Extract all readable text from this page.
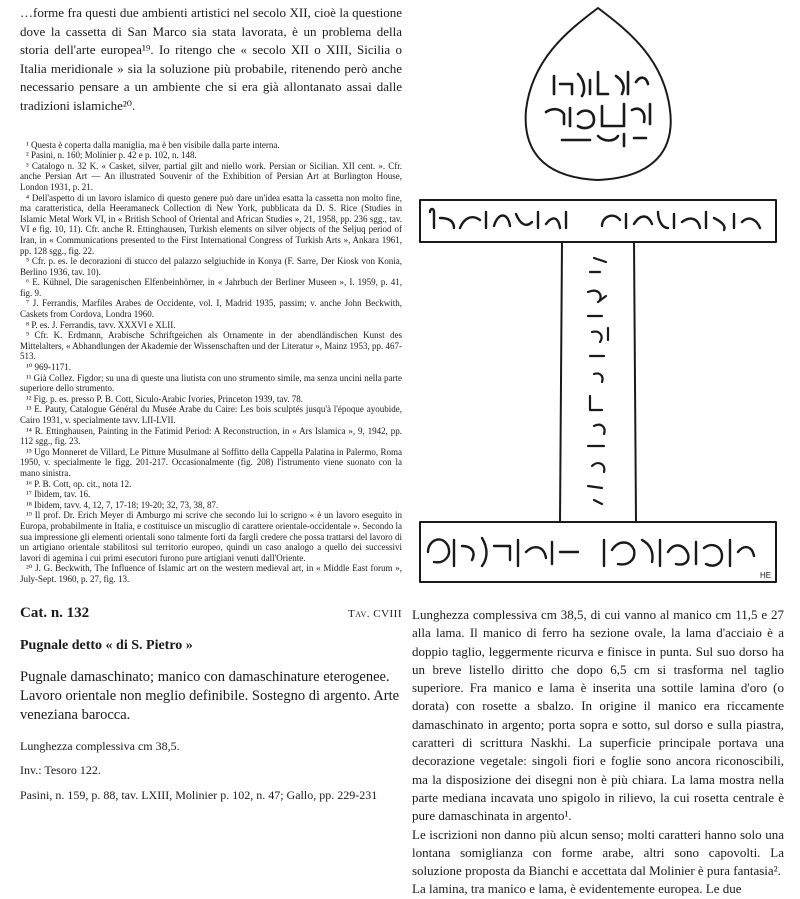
…forme fra questi due ambienti artistici nel secolo XII, cioè la questione dove la cassetta di San Marco sia stata lavorata, è un problema della storia dell'arte europea¹⁹. Io ritengo che « secolo XII o XIII, Sicilia o Italia meridionale » sia la soluzione più probabile, ritenendo però anche necessario pensare a un ambiente che si era già allontanato assai dalle tradizioni islamiche²⁰.

¹ Questa è coperta dalla maniglia, ma è ben visibile dalla parte interna.

² Pasini, n. 160; Molinier p. 42 e p. 102, n. 148.

³ Catalogo n. 32 K. « Casket, silver, partial gilt and niello work. Persian or Sicilian. XII cent. ». Cfr. anche Persian Art — An illustrated Souvenir of the Exhibition of Persian Art at Burlington House, London 1931, p. 21.

⁴ Dell'aspetto di un lavoro islamico di questo genere può dare un'idea esatta la cassetta non molto fine, ma caratteristica, della Heeramaneck Collection di New York, pubblicata da D. S. Rice (Studies in Islamic Metal Work VI, in « British School of Oriental and African Studies », 21, 1958, pp. 236 sgg., tav. VI e fig. 10, 11). Cfr. anche R. Ettinghausen, Turkish elements on silver objects of the Seljuq period of Iran, in « Communications presented to the First International Congress of Turkish Arts », Ankara 1961, pp. 128 sgg., fig. 22.

⁵ Cfr. p. es. le decorazioni di stucco del palazzo selgiuchide in Konya (F. Sarre, Der Kiosk von Konia, Berlino 1936, tav. 10).

⁶ E. Kühnel, Die saragenischen Elfenbeinhörner, in « Jahrbuch der Berliner Museen », I. 1959, p. 41, fig. 9.

⁷ J. Ferrandis, Marfiles Arabes de Occidente, vol. I, Madrid 1935, passim; v. anche John Beckwith, Caskets from Cordova, Londra 1960.

⁸ P. es. J. Ferrandis, tavv. XXXVI e XLII.

⁹ Cfr. K. Erdmann, Arabische Schriftgeichen als Ornamente in der abendländischen Kunst des Mittelalters, « Abhandlungen der Akademie der Wissenschaften und der Literatur », Mainz 1953, pp. 467-513.

¹⁰ 969-1171.

¹¹ Già Collez. Figdor; su una di queste una liutista con uno strumento simile, ma senza uncini nella parte superiore dello strumento.

¹² Fig. p. es. presso P. B. Cott, Siculo-Arabic Ivories, Princeton 1939, tav. 78.

¹³ E. Pauty, Catalogue Général du Musée Arabe du Caire: Les bois sculptés jusqu'à l'époque ayoubide, Cairo 1931, v. specialmente tavv. LII-LVII.

¹⁴ R. Ettinghausen, Painting in the Fatimid Period: A Reconstruction, in « Ars Islamica », 9, 1942, pp. 112 sgg., fig. 23.

¹⁵ Ugo Monneret de Villard, Le Pitture Musulmane al Soffitto della Cappella Palatina in Palermo, Roma 1950, v. specialmente le figg. 201-217. Occasionalmente (fig. 208) l'istrumento viene suonato con la mano sinistra.

¹⁶ P. B. Cott, op. cit., nota 12.

¹⁷ Ibidem, tav. 16.

¹⁸ Ibidem, tavv. 4, 12, 7, 17-18; 19-20; 32, 73, 38, 87.

¹⁹ Il prof. Dr. Erich Meyer di Amburgo mi scrive che secondo lui lo scrigno « è un lavoro eseguito in Europa, probabilmente in Italia, e costituisce un miscuglio di carattere orientale-occidentale ». Secondo la sua impressione gli elementi orientali sono talmente forti da farglì credere che possa trattarsi del lavoro di un artigiano orientale stabilitosi sul territorio europeo, quindi un caso analogo a quello dei successivi lavori di agemina i cui primi esecutori furono pure artigiani venuti dall'Oriente.

²⁰ J. G. Beckwith, The Influence of Islamic art on the western medieval art, in « Middle East forum », July-Sept. 1960, p. 27, fig. 13.

Cat. n. 132	Tav. CVIII

Pugnale detto « di S. Pietro »

Pugnale damaschinato; manico con damaschinature eterogenee. Lavoro orientale non meglio definibile. Sostegno di argento. Arte veneziana barocca.

Lunghezza complessiva cm 38,5.

Inv.: Tesoro 122.

Pasini, n. 159, p. 88, tav. LXIII, Molinier p. 102, n. 47; Gallo, pp. 229-231

HE

Lunghezza complessiva cm 38,5, di cui vanno al manico cm 11,5 e 27 alla lama. Il manico di ferro ha sezione ovale, la lama d'acciaio è a doppio taglio, leggermente ricurva e finisce in punta. Sul suo dorso ha un breve listello diritto che dopo 6,5 cm si trasforma nel taglio superiore. Fra manico e lama è inserita una sottile lamina d'oro (o dorata) con rosette a sbalzo. In origine il manico era riccamente damaschinato in argento; porta sopra e sotto, sul dorso e sulla piastra, caratteri di scrittura Naskhi. La superficie principale portava una decorazione vegetale: singoli fiori e foglie sono ancora riconoscibili, ma la disposizione dei disegni non è più chiara. La lama mostra nella parte mediana incavata uno spigolo in rilievo, la cui rosetta centrale è pure damaschinata in argento¹.

Le iscrizioni non danno più alcun senso; molti caratteri hanno solo una lontana somiglianza con forme arabe, altri sono capovolti. La soluzione proposta da Bianchi e accettata dal Molinier è pura fantasia².

La lamina, tra manico e lama, è evidentemente europea. Le due
